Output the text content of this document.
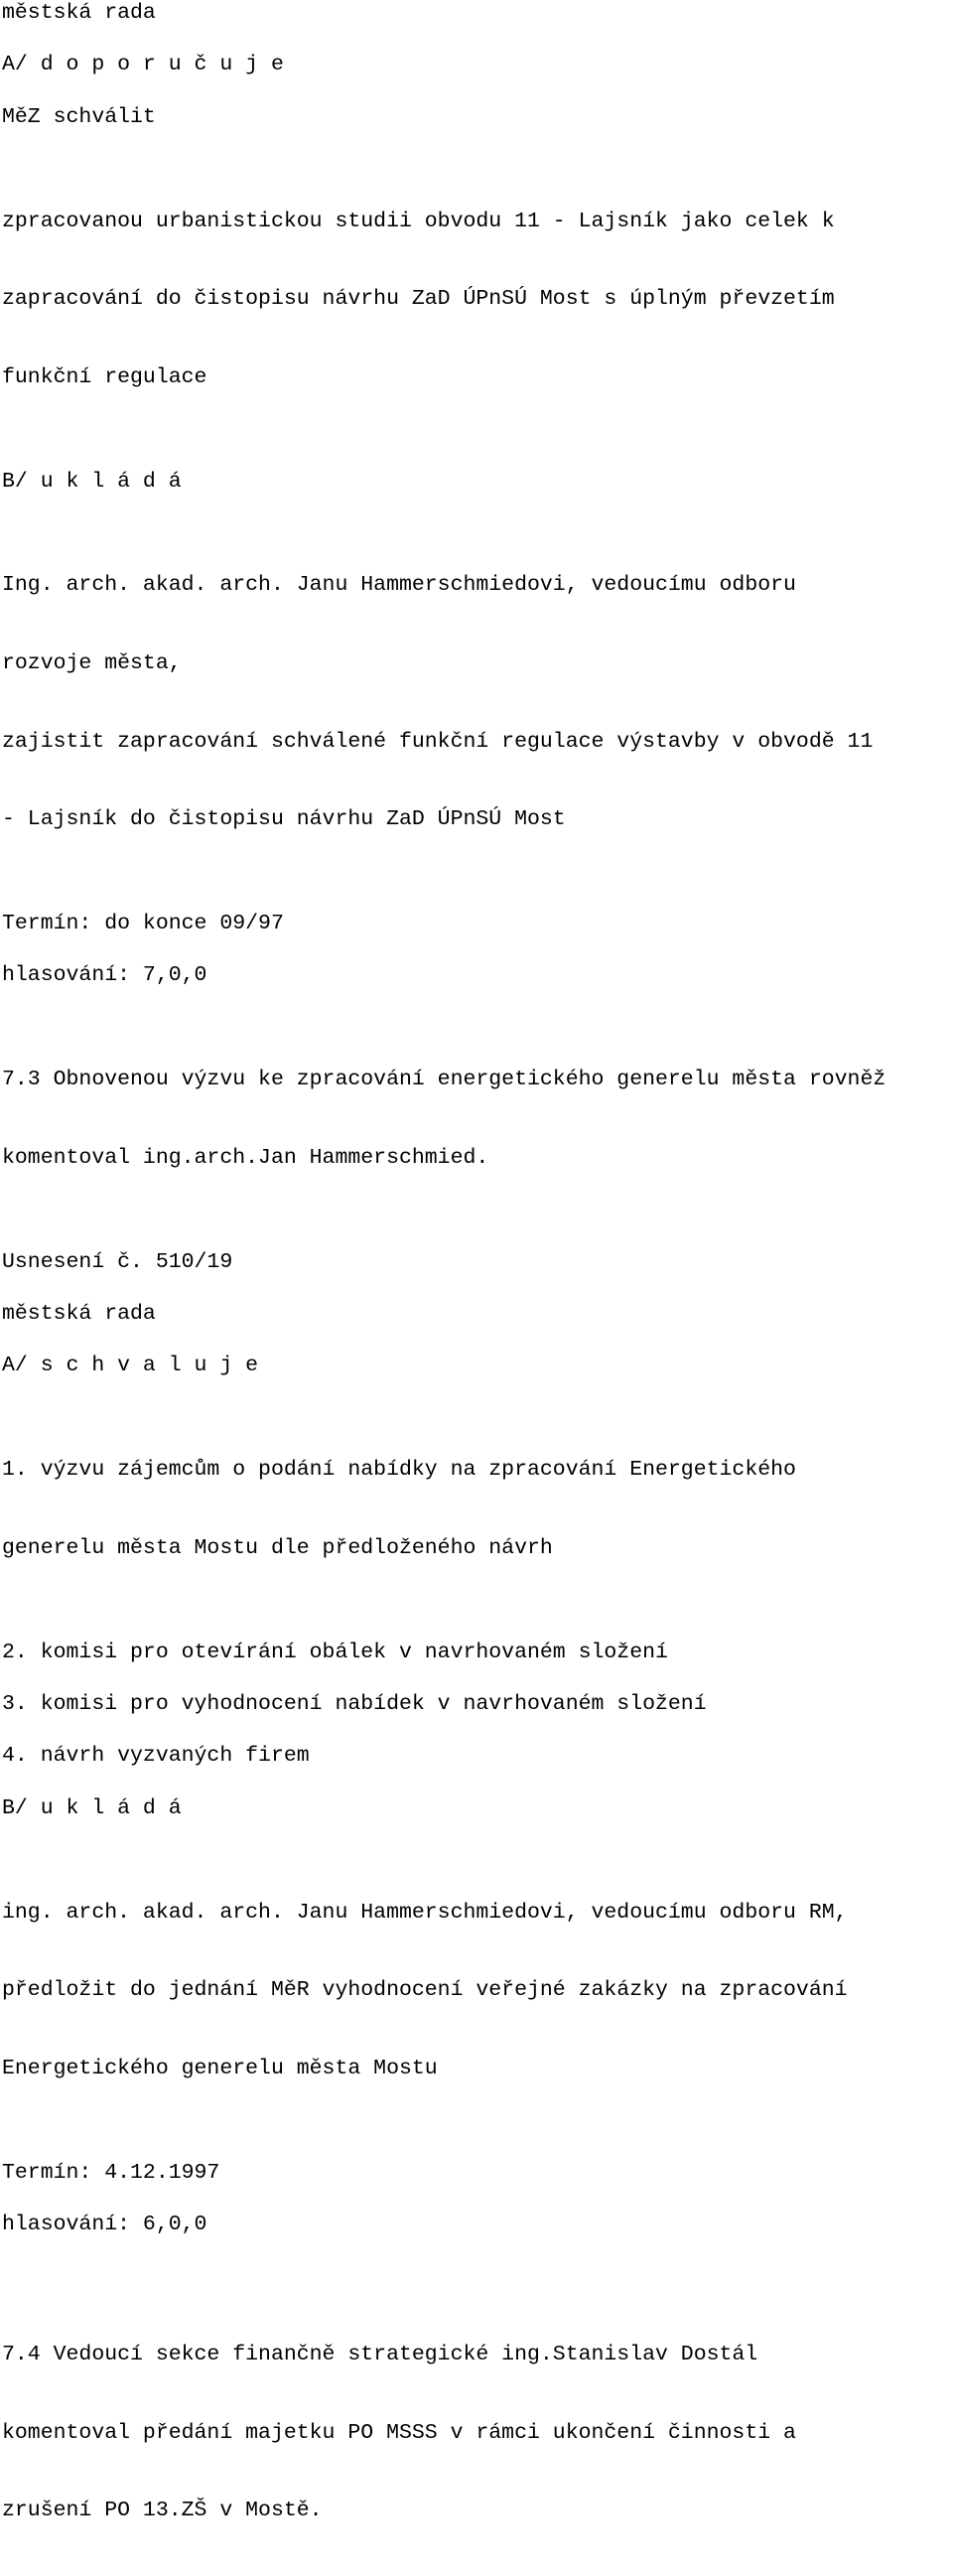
městská rada
A/ d o p o r u č u j e
MěZ schválit

zpracovanou urbanistickou studii obvodu 11 - Lajsník jako celek k

zapracování do čistopisu návrhu ZaD ÚPnSÚ Most s úplným převzetím

funkční regulace

B/ u k l á d á

Ing. arch. akad. arch. Janu Hammerschmiedovi, vedoucímu odboru

rozvoje města,

zajistit zapracování schválené funkční regulace výstavby v obvodě 11

- Lajsník do čistopisu návrhu ZaD ÚPnSÚ Most

Termín: do konce 09/97
hlasování: 7,0,0

7.3 Obnovenou výzvu ke zpracování energetického generelu města rovněž

komentoval ing.arch.Jan Hammerschmied.

Usnesení č. 510/19
městská rada
A/ s c h v a l u j e

1. výzvu zájemcům o podání nabídky na zpracování Energetického

generelu města Mostu dle předloženého návrh

2. komisi pro otevírání obálek v navrhovaném složení
3. komisi pro vyhodnocení nabídek v navrhovaném složení
4. návrh vyzvaných firem
B/ u k l á d á

ing. arch. akad. arch. Janu Hammerschmiedovi, vedoucímu odboru RM,

předložit do jednání MěR vyhodnocení veřejné zakázky na zpracování

Energetického generelu města Mostu

Termín: 4.12.1997
hlasování: 6,0,0

7.4 Vedoucí sekce finančně strategické ing.Stanislav Dostál

komentoval předání majetku PO MSSS v rámci ukončení činnosti a

zrušení PO 13.ZŠ v Mostě.
